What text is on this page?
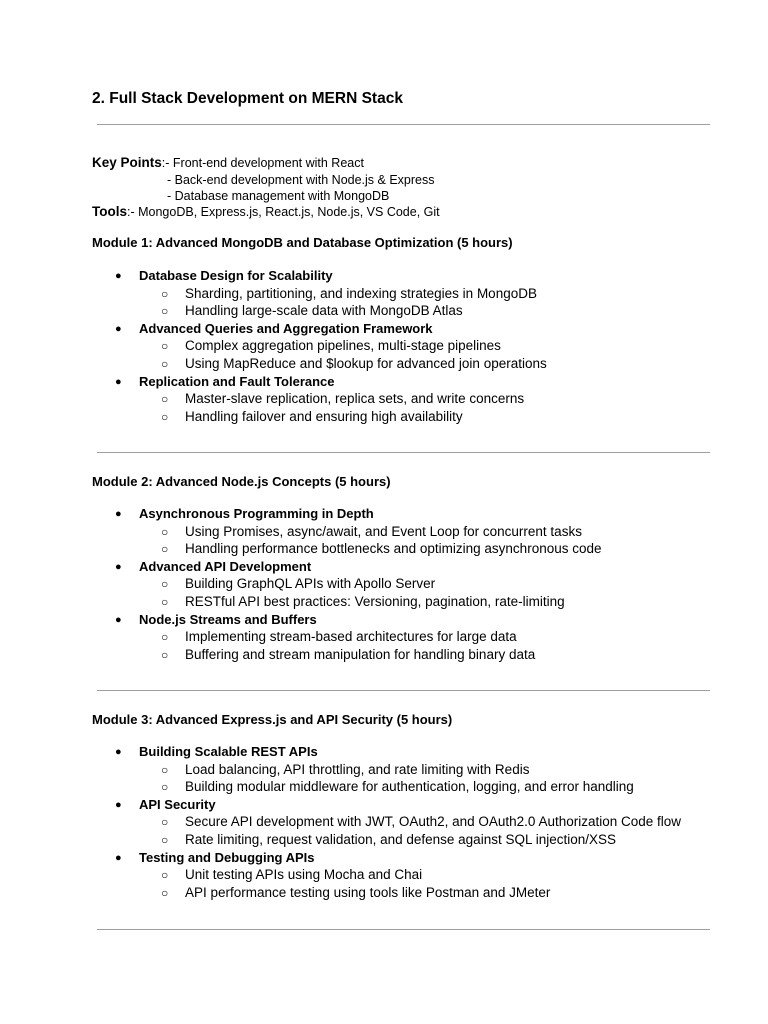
2. Full Stack Development on MERN Stack
Key Points:- Front-end development with React
- Back-end development with Node.js & Express
- Database management with MongoDB
Tools:- MongoDB, Express.js, React.js, Node.js, VS Code, Git
Module 1: Advanced MongoDB and Database Optimization (5 hours)
● Database Design for Scalability
○ Sharding, partitioning, and indexing strategies in MongoDB
○ Handling large-scale data with MongoDB Atlas
● Advanced Queries and Aggregation Framework
○ Complex aggregation pipelines, multi-stage pipelines
○ Using MapReduce and $lookup for advanced join operations
● Replication and Fault Tolerance
○ Master-slave replication, replica sets, and write concerns
○ Handling failover and ensuring high availability
Module 2: Advanced Node.js Concepts (5 hours)
● Asynchronous Programming in Depth
○ Using Promises, async/await, and Event Loop for concurrent tasks
○ Handling performance bottlenecks and optimizing asynchronous code
● Advanced API Development
○ Building GraphQL APIs with Apollo Server
○ RESTful API best practices: Versioning, pagination, rate-limiting
● Node.js Streams and Buffers
○ Implementing stream-based architectures for large data
○ Buffering and stream manipulation for handling binary data
Module 3: Advanced Express.js and API Security (5 hours)
● Building Scalable REST APIs
○ Load balancing, API throttling, and rate limiting with Redis
○ Building modular middleware for authentication, logging, and error handling
● API Security
○ Secure API development with JWT, OAuth2, and OAuth2.0 Authorization Code flow
○ Rate limiting, request validation, and defense against SQL injection/XSS
● Testing and Debugging APIs
○ Unit testing APIs using Mocha and Chai
○ API performance testing using tools like Postman and JMeter
